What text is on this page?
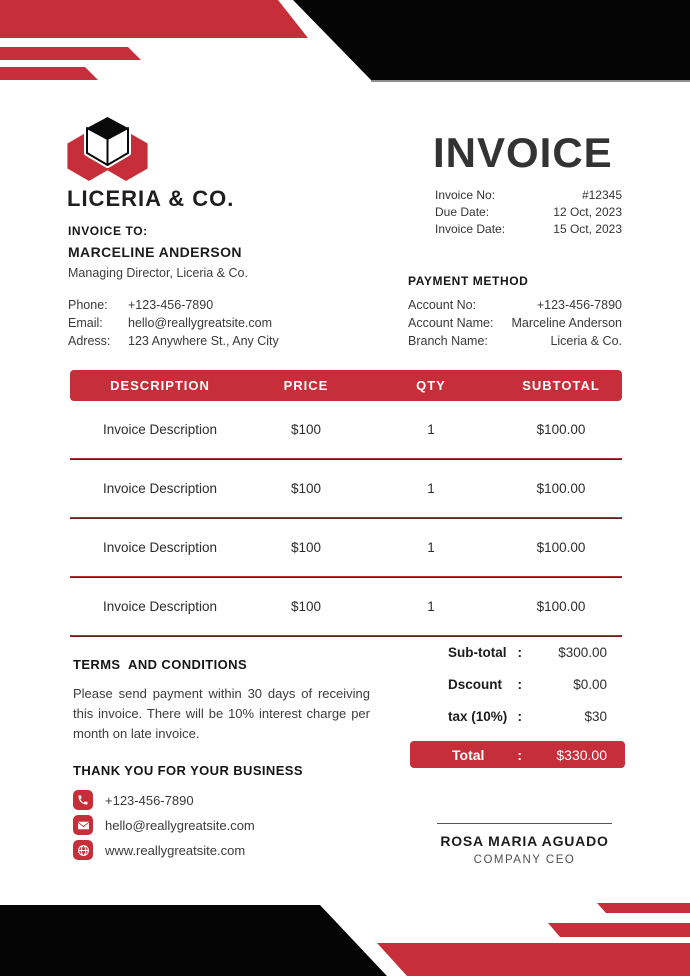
LICERIA & CO.
INVOICE TO:
MARCELINE ANDERSON
Managing Director, Liceria & Co.
Phone:	+123-456-7890
Email:	hello@reallygreatsite.com
Adress:	123 Anywhere St., Any City
INVOICE
Invoice No:	#12345
Due Date:	12 Oct, 2023
Invoice Date:	15 Oct, 2023
PAYMENT METHOD
Account No:	+123-456-7890
Account Name:	Marceline Anderson
Branch Name:	Liceria & Co.
DESCRIPTION	PRICE	QTY	SUBTOTAL
Invoice Description	$100	1	$100.00
Invoice Description	$100	1	$100.00
Invoice Description	$100	1	$100.00
Invoice Description	$100	1	$100.00
Sub-total :	$300.00
Dscount :	$0.00
tax (10%) :	$30
Total :	$330.00
TERMS  AND CONDITIONS

Please send payment within 30 days of receiving this invoice. There will be 10% interest charge per month on late invoice.

THANK YOU FOR YOUR BUSINESS
+123-456-7890
hello@reallygreatsite.com
www.reallygreatsite.com
ROSA MARIA AGUADO
COMPANY CEO
